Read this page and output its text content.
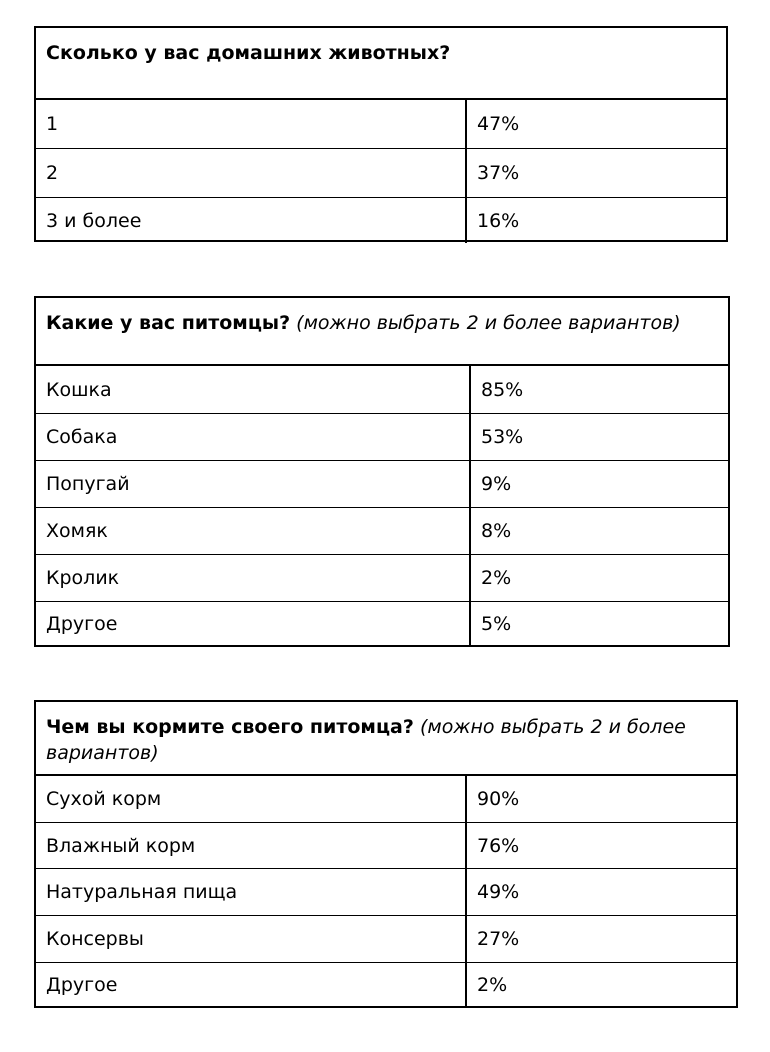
Сколько у вас домашних животных?
1	47%
2	37%
3 и более	16%
Какие у вас питомцы? (можно выбрать 2 и более вариантов)
Кошка	85%
Собака	53%
Попугай	9%
Хомяк	8%
Кролик	2%
Другое	5%
Чем вы кормите своего питомца? (можно выбрать 2 и более вариантов)
Сухой корм	90%
Влажный корм	76%
Натуральная пища	49%
Консервы	27%
Другое	2%
